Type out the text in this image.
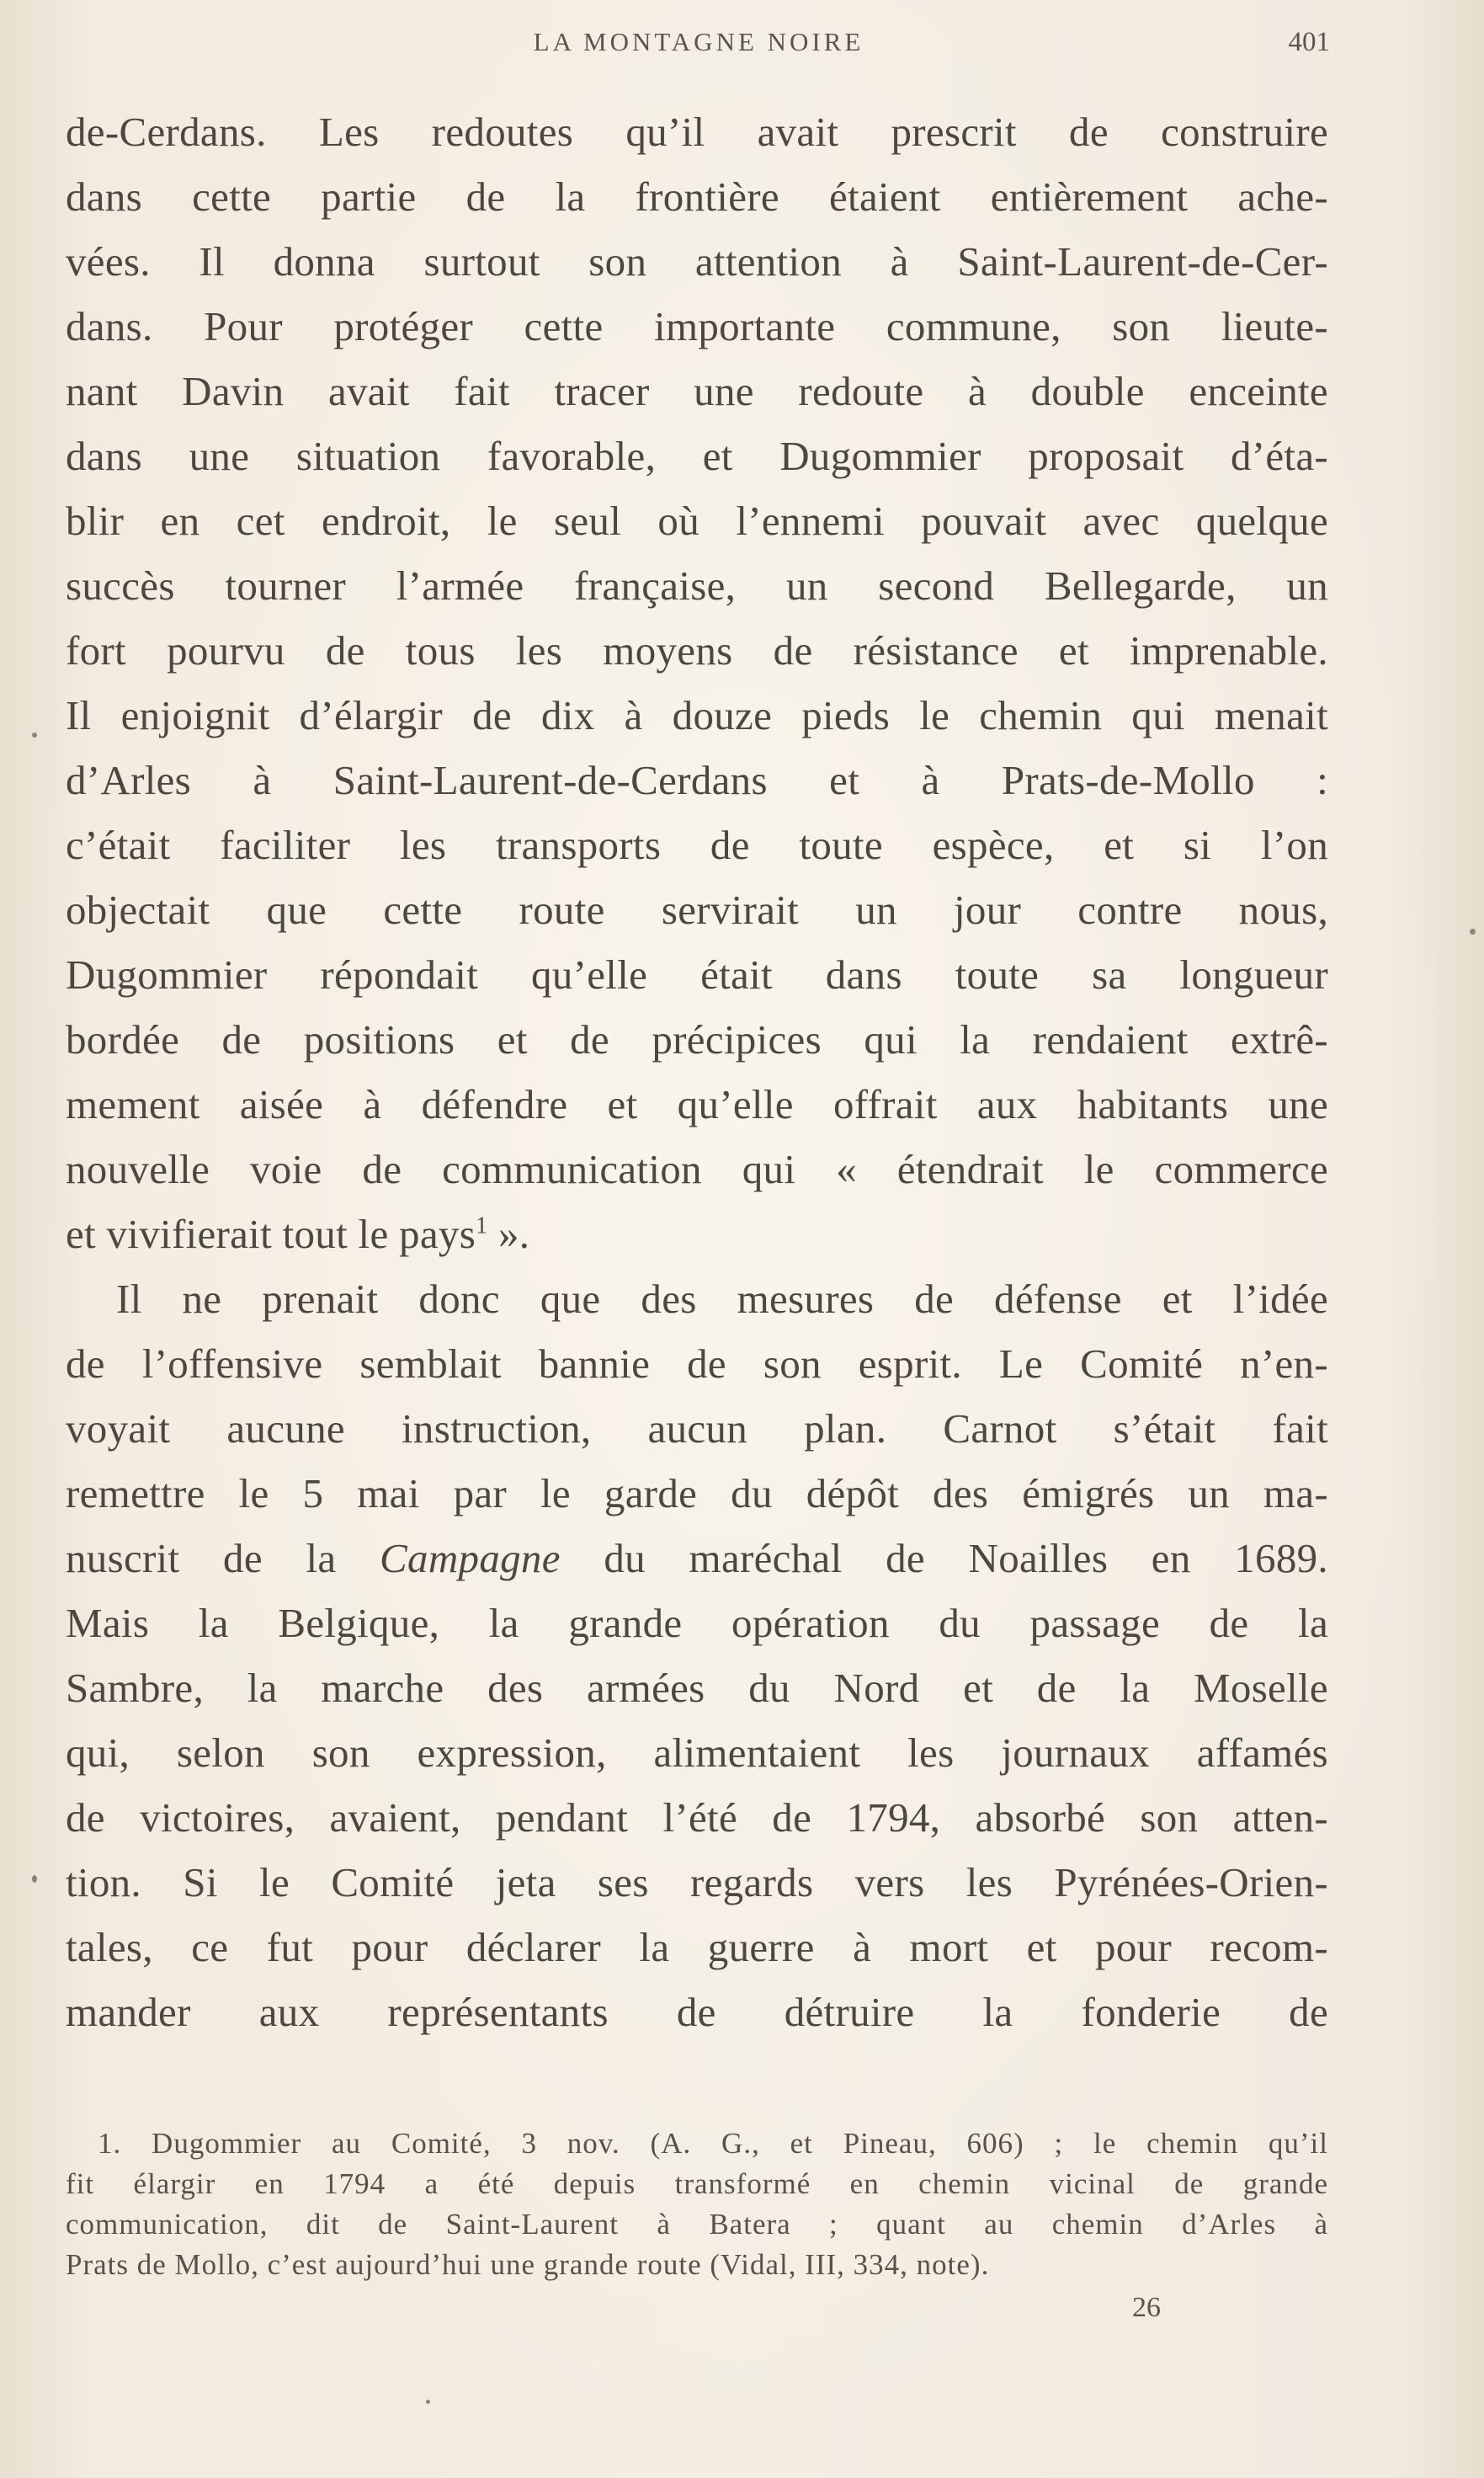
LA MONTAGNE NOIRE	401
de-Cerdans. Les redoutes qu’il avait prescrit de construire
dans cette partie de la frontière étaient entièrement ache-
vées. Il donna surtout son attention à Saint-Laurent-de-Cer-
dans. Pour protéger cette importante commune, son lieute-
nant Davin avait fait tracer une redoute à double enceinte
dans une situation favorable, et Dugommier proposait d’éta-
blir en cet endroit, le seul où l’ennemi pouvait avec quelque
succès tourner l’armée française, un second Bellegarde, un
fort pourvu de tous les moyens de résistance et imprenable.
Il enjoignit d’élargir de dix à douze pieds le chemin qui menait
d’Arles à Saint-Laurent-de-Cerdans et à Prats-de-Mollo :
c’était faciliter les transports de toute espèce, et si l’on
objectait que cette route servirait un jour contre nous,
Dugommier répondait qu’elle était dans toute sa longueur
bordée de positions et de précipices qui la rendaient extrê-
mement aisée à défendre et qu’elle offrait aux habitants une
nouvelle voie de communication qui « étendrait le commerce
et vivifierait tout le pays$^1$ ».
Il ne prenait donc que des mesures de défense et l’idée
de l’offensive semblait bannie de son esprit. Le Comité n’en-
voyait aucune instruction, aucun plan. Carnot s’était fait
remettre le 5 mai par le garde du dépôt des émigrés un ma-
nuscrit de la Campagne du maréchal de Noailles en 1689.
Mais la Belgique, la grande opération du passage de la
Sambre, la marche des armées du Nord et de la Moselle
qui, selon son expression, alimentaient les journaux affamés
de victoires, avaient, pendant l’été de 1794, absorbé son atten-
tion. Si le Comité jeta ses regards vers les Pyrénées-Orien-
tales, ce fut pour déclarer la guerre à mort et pour recom-
mander aux représentants de détruire la fonderie de
1. Dugommier au Comité, 3 nov. (A. G., et Pineau, 606) ; le chemin qu’il
fit élargir en 1794 a été depuis transformé en chemin vicinal de grande
communication, dit de Saint-Laurent à Batera ; quant au chemin d’Arles à
Prats de Mollo, c’est aujourd’hui une grande route (Vidal, III, 334, note).
26
